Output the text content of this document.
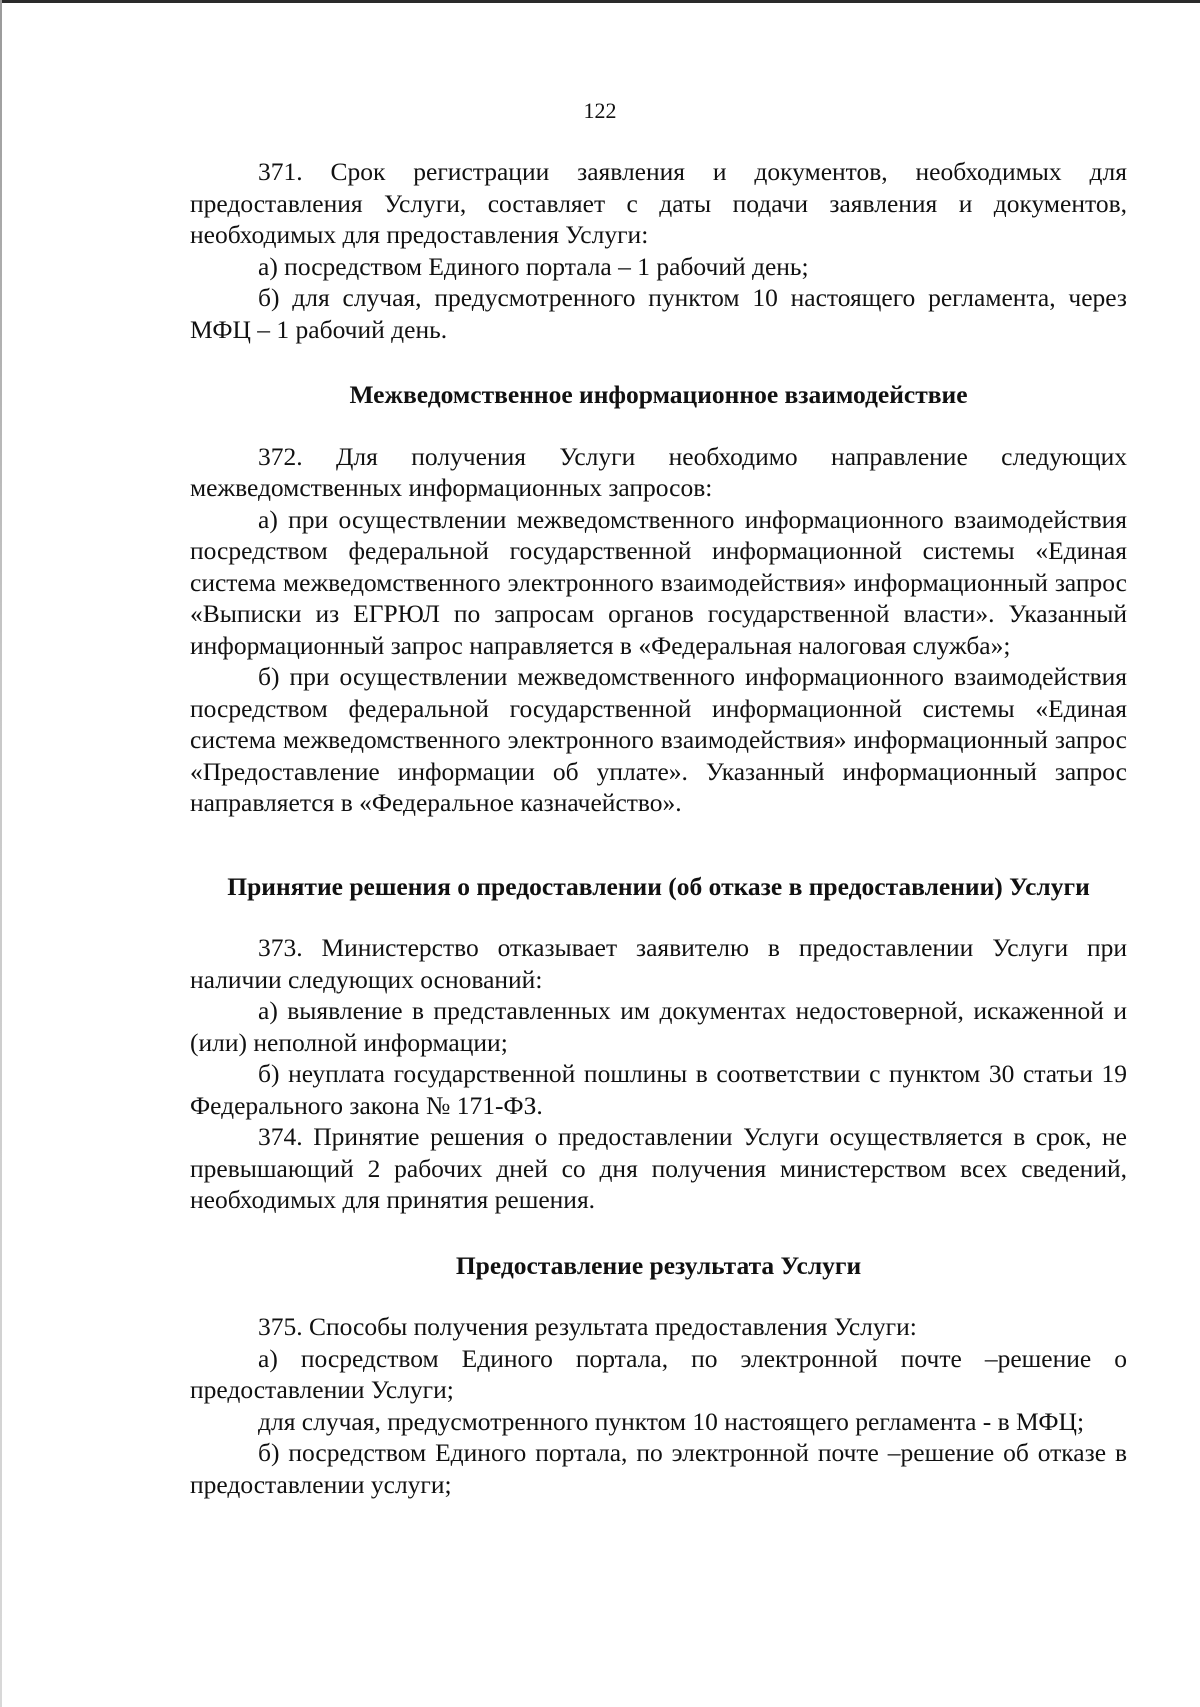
122

371. Срок регистрации заявления и документов, необходимых для предоставления Услуги, составляет с даты подачи заявления и документов, необходимых для предоставления Услуги:

а) посредством Единого портала – 1 рабочий день;

б) для случая, предусмотренного пунктом 10 настоящего регламента, через МФЦ – 1 рабочий день.

Межведомственное информационное взаимодействие

372. Для получения Услуги необходимо направление следующих межведомственных информационных запросов:

а) при осуществлении межведомственного информационного взаимодействия посредством федеральной государственной информационной системы «Единая система межведомственного электронного взаимодействия» информационный запрос «Выписки из ЕГРЮЛ по запросам органов государственной власти». Указанный информационный запрос направляется в «Федеральная налоговая служба»;

б) при осуществлении межведомственного информационного взаимодействия посредством федеральной государственной информационной системы «Единая система межведомственного электронного взаимодействия» информационный запрос «Предоставление информации об уплате». Указанный информационный запрос направляется в «Федеральное казначейство».

Принятие решения о предоставлении (об отказе в предоставлении) Услуги

373. Министерство отказывает заявителю в предоставлении Услуги при наличии следующих оснований:

а) выявление в представленных им документах недостоверной, искаженной и (или) неполной информации;

б) неуплата государственной пошлины в соответствии с пунктом 30 статьи 19 Федерального закона № 171-ФЗ.

374. Принятие решения о предоставлении Услуги осуществляется в срок, не превышающий 2 рабочих дней со дня получения министерством всех сведений, необходимых для принятия решения.

Предоставление результата Услуги

375. Способы получения результата предоставления Услуги:

а) посредством Единого портала, по электронной почте –решение о предоставлении Услуги;

для случая, предусмотренного пунктом 10 настоящего регламента - в МФЦ;

б) посредством Единого портала, по электронной почте –решение об отказе в предоставлении услуги;
